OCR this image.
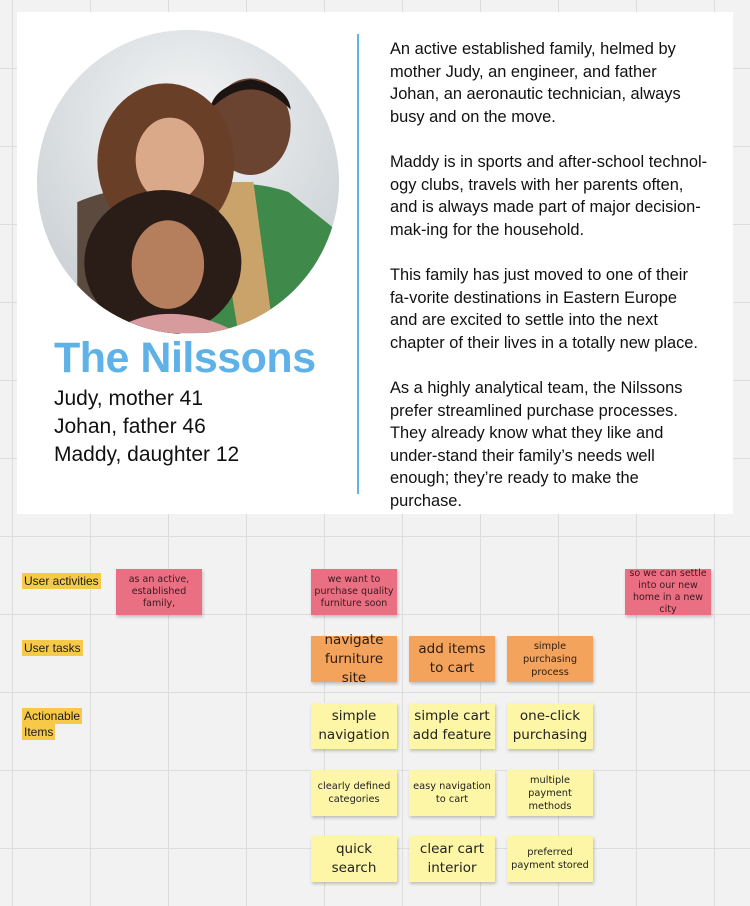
The Nilssons
Judy, mother 41
Johan, father 46
Maddy, daughter 12

An active established family, helmed by mother Judy, an engineer, and father Johan, an aeronautic technician, always busy and on the move.

Maddy is in sports and after-school technol-ogy clubs, travels with her parents often, and is always made part of major decision-mak-ing for the household.

This family has just moved to one of their fa-vorite destinations in Eastern Europe and are excited to settle into the next chapter of their lives in a totally new place.

As a highly analytical team, the Nilssons prefer streamlined purchase processes. They already know what they like and under-stand their family’s needs well enough; they’re ready to make the purchase.

User activities
User tasks
Actionable
Items
as an active, established family,
we want to purchase quality furniture soon
so we can settle into our new home in a new city
navigate furniture site
add items to cart
simple purchasing process
simple navigation
simple cart add feature
one-click purchasing
clearly defined categories
easy navigation to cart
multiple payment methods
quick search
clear cart interior
preferred payment stored
